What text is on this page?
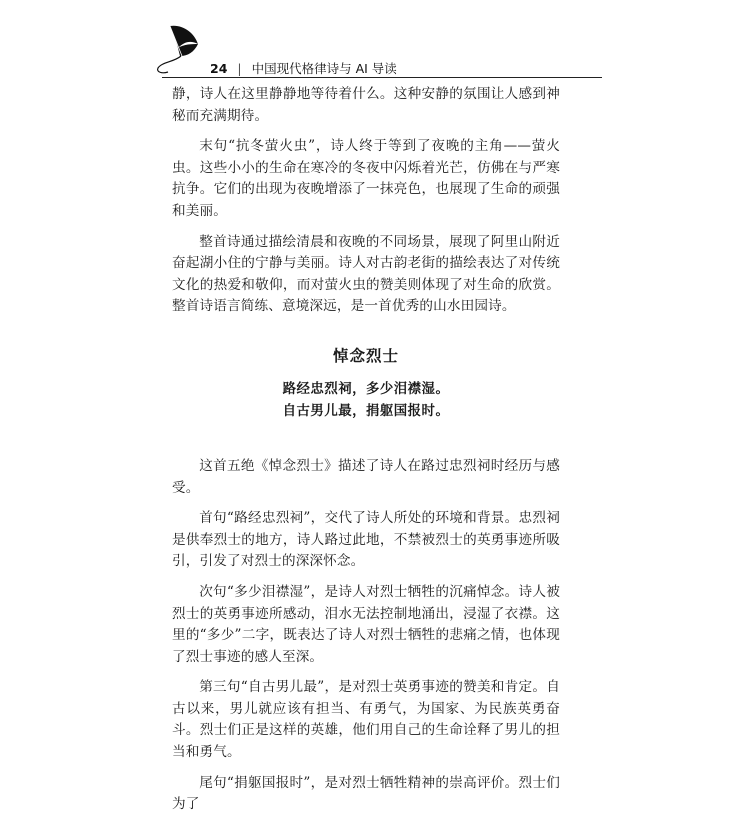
24 | 中国现代格律诗与 AI 导读

静，诗人在这里静静地等待着什么。这种安静的氛围让人感到神秘而充满期待。

末句“抗冬萤火虫”，诗人终于等到了夜晚的主角——萤火虫。这些小小的生命在寒冷的冬夜中闪烁着光芒，仿佛在与严寒抗争。它们的出现为夜晚增添了一抹亮色，也展现了生命的顽强和美丽。

整首诗通过描绘清晨和夜晚的不同场景，展现了阿里山附近奋起湖小住的宁静与美丽。诗人对古韵老街的描绘表达了对传统文化的热爱和敬仰，而对萤火虫的赞美则体现了对生命的欣赏。整首诗语言简练、意境深远，是一首优秀的山水田园诗。

悼念烈士
路经忠烈祠，多少泪襟湿。
自古男儿最，捐躯国报时。

这首五绝《悼念烈士》描述了诗人在路过忠烈祠时经历与感受。

首句“路经忠烈祠”，交代了诗人所处的环境和背景。忠烈祠是供奉烈士的地方，诗人路过此地，不禁被烈士的英勇事迹所吸引，引发了对烈士的深深怀念。

次句“多少泪襟湿”，是诗人对烈士牺牲的沉痛悼念。诗人被烈士的英勇事迹所感动，泪水无法控制地涌出，浸湿了衣襟。这里的“多少”二字，既表达了诗人对烈士牺牲的悲痛之情，也体现了烈士事迹的感人至深。

第三句“自古男儿最”，是对烈士英勇事迹的赞美和肯定。自古以来，男儿就应该有担当、有勇气，为国家、为民族英勇奋斗。烈士们正是这样的英雄，他们用自己的生命诠释了男儿的担当和勇气。

尾句“捐躯国报时”，是对烈士牺牲精神的崇高评价。烈士们为了
